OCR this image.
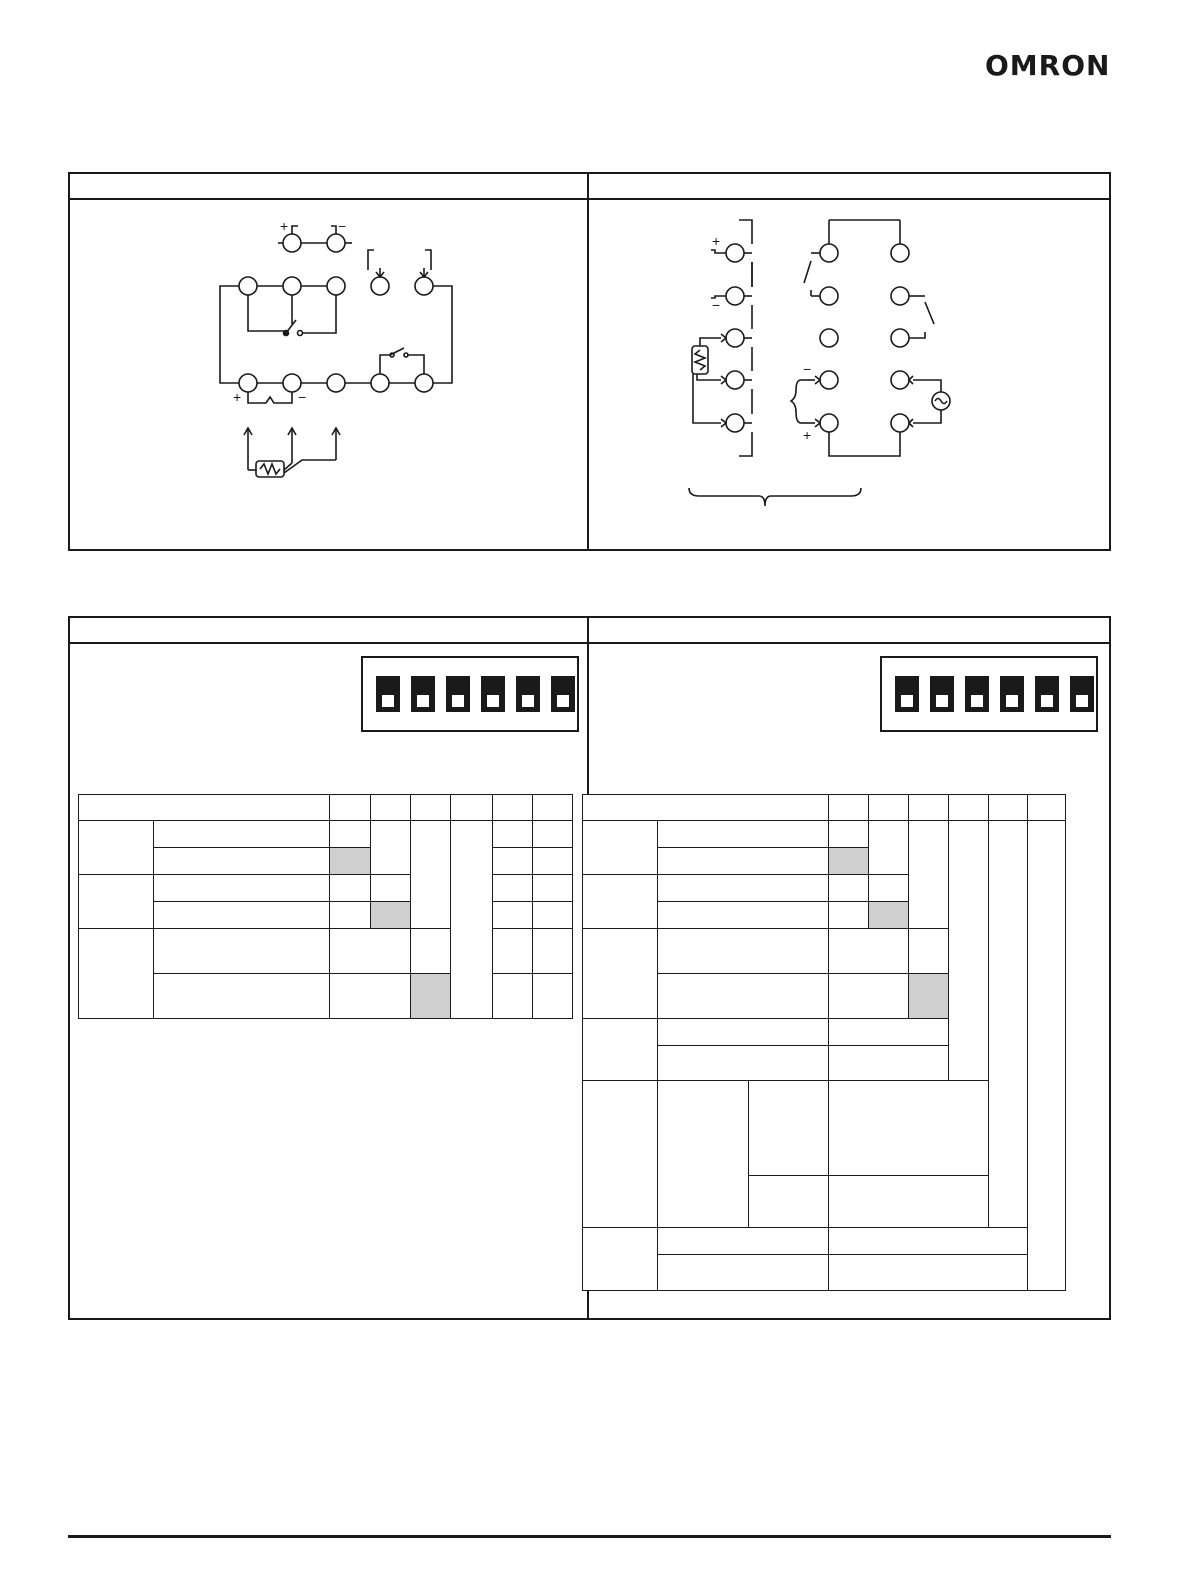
OMRON
+	−
+	−
+
−
−
+
